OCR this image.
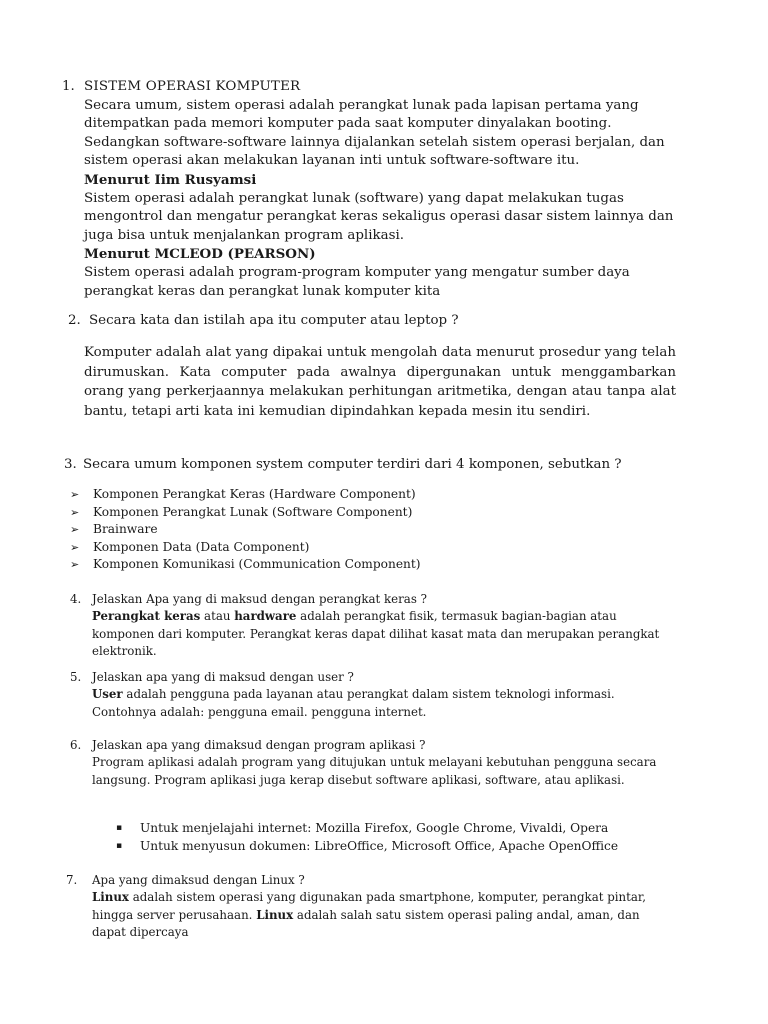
1. SISTEM OPERASI KOMPUTER

Secara umum, sistem operasi adalah perangkat lunak pada lapisan pertama yang ditempatkan pada memori komputer pada saat komputer dinyalakan booting. Sedangkan software-software lainnya dijalankan setelah sistem operasi berjalan, dan sistem operasi akan melakukan layanan inti untuk software-software itu.

Menurut Iim Rusyamsi

Sistem operasi adalah perangkat lunak (software) yang dapat melakukan tugas mengontrol dan mengatur perangkat keras sekaligus operasi dasar sistem lainnya dan juga bisa untuk menjalankan program aplikasi.

Menurut MCLEOD (PEARSON)

Sistem operasi adalah program-program komputer yang mengatur sumber daya perangkat keras dan perangkat lunak komputer kita

2. Secara kata dan istilah apa itu computer atau leptop ?

Komputer adalah alat yang dipakai untuk mengolah data menurut prosedur yang telah dirumuskan. Kata computer pada awalnya dipergunakan untuk menggambarkan orang yang perkerjaannya melakukan perhitungan aritmetika, dengan atau tanpa alat bantu, tetapi arti kata ini kemudian dipindahkan kepada mesin itu sendiri.

3. Secara umum komponen system computer terdiri dari 4 komponen, sebutkan ?

➢	Komponen Perangkat Keras (Hardware Component)
➢	Komponen Perangkat Lunak (Software Component)
➢	Brainware
➢	Komponen Data (Data Component)
➢	Komponen Komunikasi (Communication Component)
4. Jelaskan Apa yang di maksud dengan perangkat keras ?

Perangkat keras atau hardware adalah perangkat fisik, termasuk bagian-bagian atau komponen dari komputer. Perangkat keras dapat dilihat kasat mata dan merupakan perangkat elektronik.

5. Jelaskan apa yang di maksud dengan user ?

User adalah pengguna pada layanan atau perangkat dalam sistem teknologi informasi. Contohnya adalah: pengguna email. pengguna internet.

6. Jelaskan apa yang dimaksud dengan program aplikasi ?

Program aplikasi adalah program yang ditujukan untuk melayani kebutuhan pengguna secara langsung. Program aplikasi juga kerap disebut software aplikasi, software, atau aplikasi.

▪ Untuk menjelajahi internet: Mozilla Firefox, Google Chrome, Vivaldi, Opera
▪ Untuk menyusun dokumen: LibreOffice, Microsoft Office, Apache OpenOffice
7. Apa yang dimaksud dengan Linux ?

Linux adalah sistem operasi yang digunakan pada smartphone, komputer, perangkat pintar, hingga server perusahaan. Linux adalah salah satu sistem operasi paling andal, aman, dan dapat dipercaya
